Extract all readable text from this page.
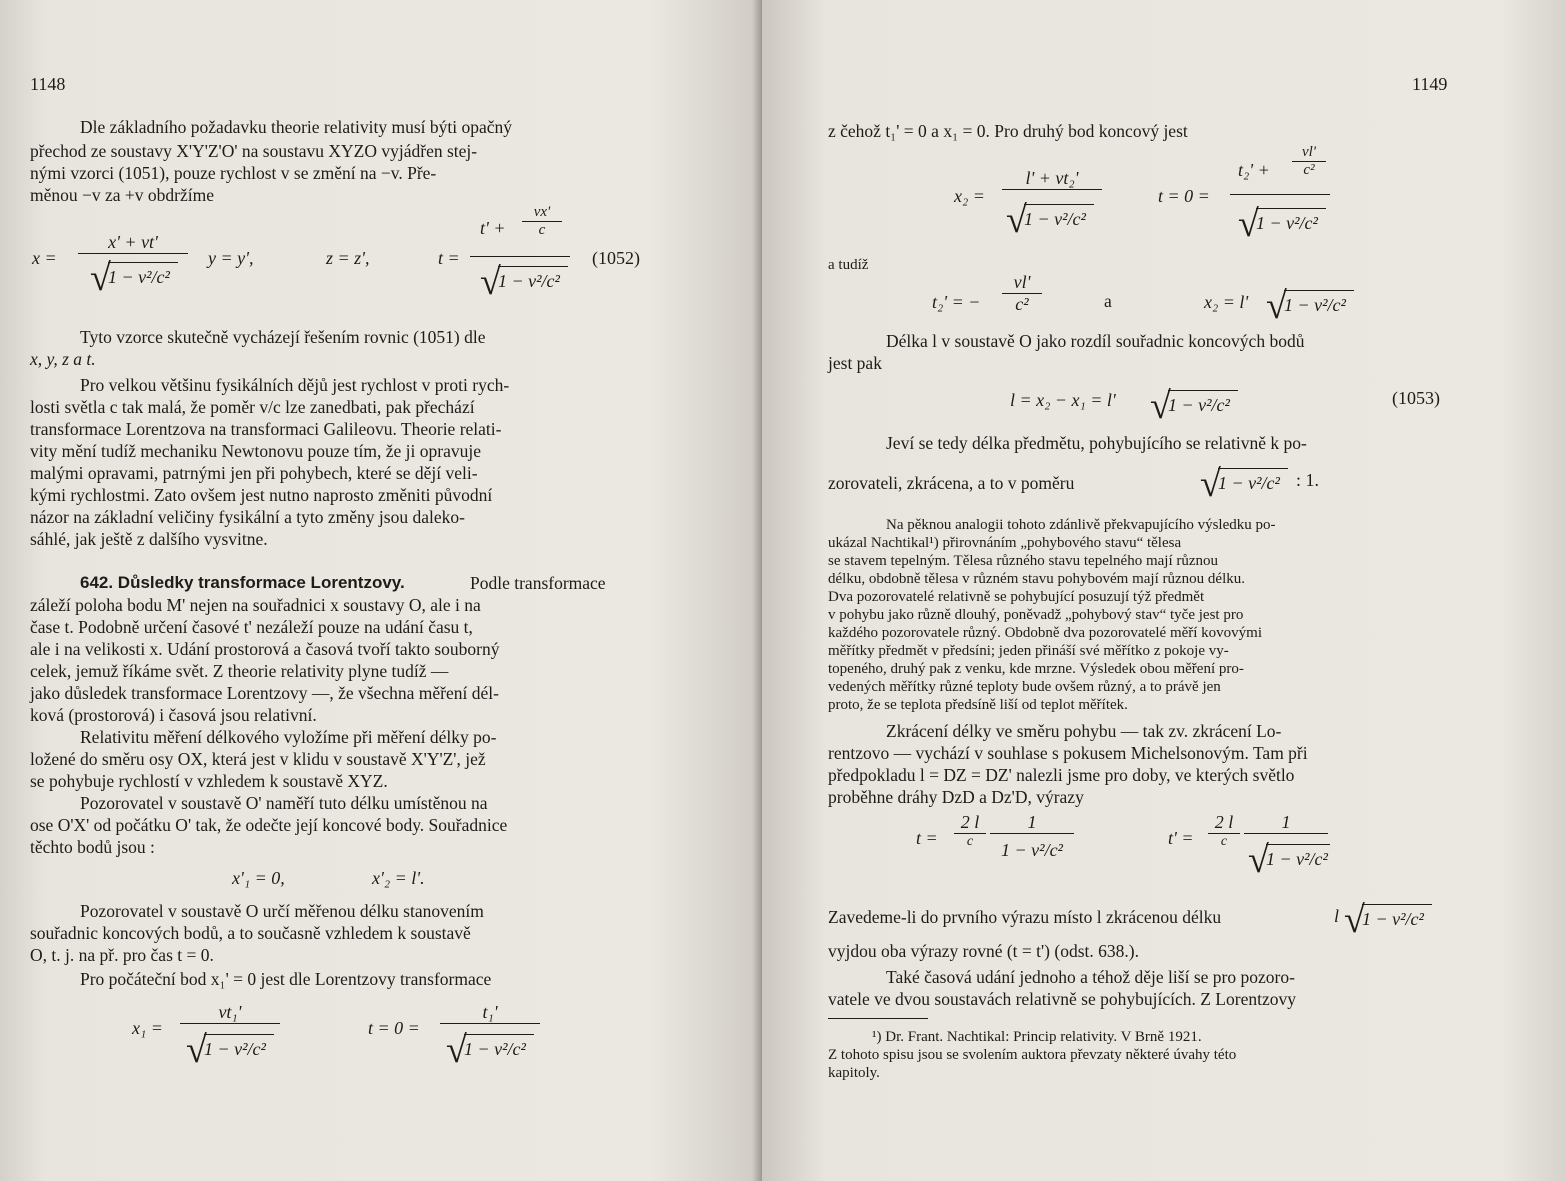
1148
Dle základního požadavku theorie relativity musí býti opačný
přechod ze soustavy X'Y'Z'O' na soustavu XYZO vyjádřen stej-
nými vzorci (1051), pouze rychlost v se změní na −v. Pře-
měnou −v za +v obdržíme
x =
x' + vt'
√
1 − v²/c²
y = y',	z = z',	t =
t' +
vx'
c
√
1 − v²/c²
(1052)
Tyto vzorce skutečně vycházejí řešením rovnic (1051) dle
x, y, z a t.
Pro velkou většinu fysikálních dějů jest rychlost v proti rych-
losti světla c tak malá, že poměr v/c lze zanedbati, pak přechází
transformace Lorentzova na transformaci Galileovu. Theorie relati-
vity mění tudíž mechaniku Newtonovu pouze tím, že ji opravuje
malými opravami, patrnými jen při pohybech, které se dějí veli-
kými rychlostmi. Zato ovšem jest nutno naprosto změniti původní
názor na základní veličiny fysikální a tyto změny jsou daleko-
sáhlé, jak ještě z dalšího vysvitne.
642. Důsledky transformace Lorentzovy.	Podle transformace
záleží poloha bodu M' nejen na souřadnici x soustavy O, ale i na
čase t. Podobně určení časové t' nezáleží pouze na udání času t,
ale i na velikosti x. Udání prostorová a časová tvoří takto souborný
celek, jemuž říkáme svět. Z theorie relativity plyne tudíž —
jako důsledek transformace Lorentzovy —, že všechna měření dél-
ková (prostorová) i časová jsou relativní.
Relativitu měření délkového vyložíme při měření délky po-
ložené do směru osy OX, která jest v klidu v soustavě X'Y'Z', jež
se pohybuje rychlostí v vzhledem k soustavě XYZ.
Pozorovatel v soustavě O' naměří tuto délku umístěnou na
ose O'X' od počátku O' tak, že odečte její koncové body. Souřadnice
těchto bodů jsou :
x'₁ = 0,	x'₂ = l'.
Pozorovatel v soustavě O určí měřenou délku stanovením
souřadnic koncových bodů, a to současně vzhledem k soustavě
O, t. j. na př. pro čas t = 0.
Pro počáteční bod x₁' = 0 jest dle Lorentzovy transformace
x₁ =
vt₁'
√
1 − v²/c²
t = 0 =
t₁'
√
1 − v²/c²
1149
z čehož t₁' = 0 a x₁ = 0. Pro druhý bod koncový jest
x₂ =
l' + vt₂'
√
1 − v²/c²
t = 0 =
t₂' +
vl'
c²
√
1 − v²/c²
a tudíž
t₂' = −
vl'
c²	a	x₂ = l' √
1 − v²/c²
Délka l v soustavě O jako rozdíl souřadnic koncových bodů
jest pak
l = x₂ − x₁ = l' √
1 − v²/c²	(1053)
Jeví se tedy délka předmětu, pohybujícího se relativně k po-
zorovateli, zkrácena, a to v poměru	√
1 − v²/c² : 1.
Na pěknou analogii tohoto zdánlivě překvapujícího výsledku po-
ukázal Nachtikal¹) přirovnáním „pohybového stavu“ tělesa
se stavem tepelným. Tělesa různého stavu tepelného mají různou
délku, obdobně tělesa v různém stavu pohybovém mají různou délku.
Dva pozorovatelé relativně se pohybující posuzují týž předmět
v pohybu jako různě dlouhý, poněvadž „pohybový stav“ tyče jest pro
každého pozorovatele různý. Obdobně dva pozorovatelé měří kovovými
měřítky předmět v předsíni; jeden přináší své měřítko z pokoje vy-
topeného, druhý pak z venku, kde mrzne. Výsledek obou měření pro-
vedených měřítky různé teploty bude ovšem různý, a to právě jen
proto, že se teplota předsíně liší od teplot měřítek.
Zkrácení délky ve směru pohybu — tak zv. zkrácení Lo-
rentzovo — vychází v souhlase s pokusem Michelsonovým. Tam při
předpokladu l = DZ = DZ' nalezli jsme pro doby, ve kterých světlo
proběhne dráhy DzD a Dz'D, výrazy
t =
2 l
c
1
1 − v²/c²
t' =
2 l
c
1
√
1 − v²/c²
Zavedeme-li do prvního výrazu místo l zkrácenou délku	l √
1 − v²/c²
vyjdou oba výrazy rovné (t = t') (odst. 638.).
Také časová udání jednoho a téhož děje liší se pro pozoro-
vatele ve dvou soustavách relativně se pohybujících. Z Lorentzovy
¹) Dr. Frant. Nachtikal: Princip relativity. V Brně 1921.
Z tohoto spisu jsou se svolením auktora převzaty některé úvahy této
kapitoly.
